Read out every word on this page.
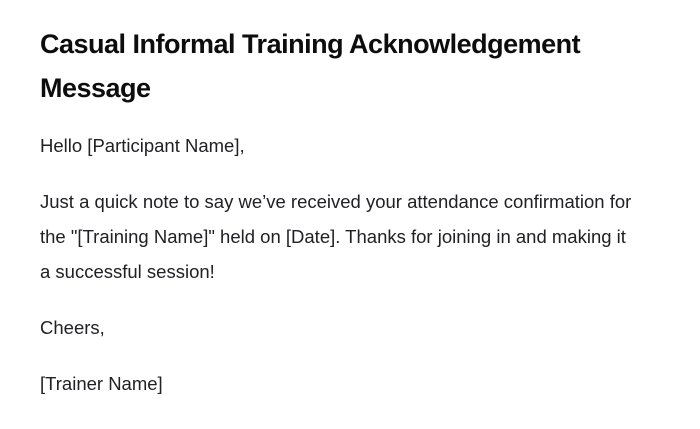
Casual Informal Training Acknowledgement Message

Hello [Participant Name],

Just a quick note to say we’ve received your attendance confirmation for the "[Training Name]" held on [Date]. Thanks for joining in and making it a successful session!

Cheers,

[Trainer Name]
